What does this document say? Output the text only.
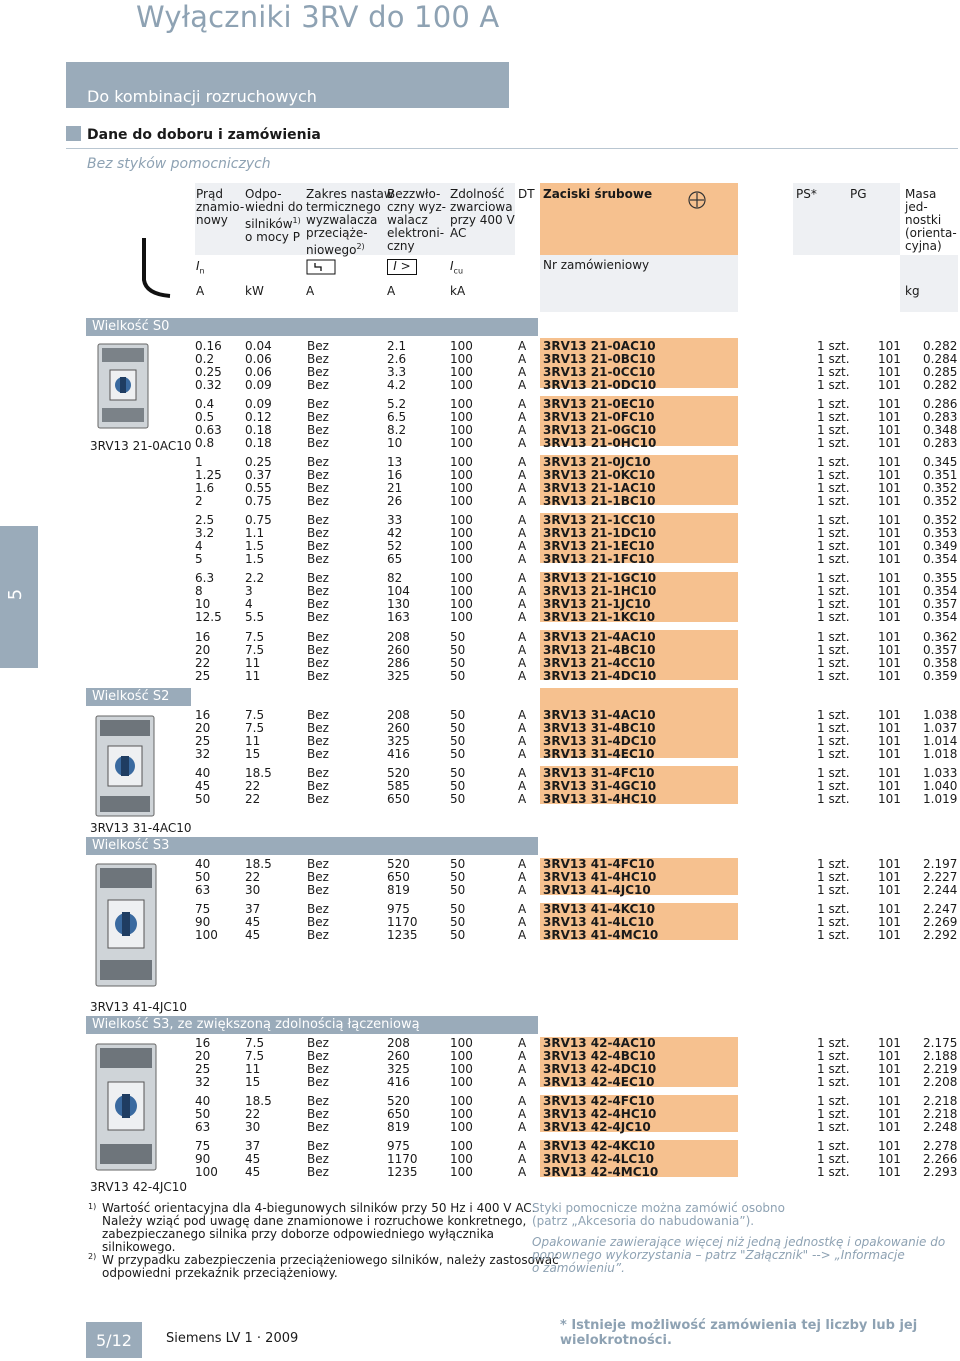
Wyłączniki 3RV do 100 A
Do kombinacji rozruchowych
Dane do doboru i zamówienia
Bez styków pomocniczych
5
Prąd
znamio-
nowy
Odpo-
wiedni do
silników$^{1)}$
o mocy P
Zakres nastaw
termicznego
wyzwalacza
przeciąże-
niowego$^{2)}$
Bezzwło-
czny wyz-
walacz
elektroni-
czny
Zdolność
zwarciowa
przy 400 V
AC
DT Zaciski śrubowe	PS*	PG	Masa
jed-
nostki
(orienta-
cyjna)
$I_n$	I >	$I_{cu}$	Nr zamówieniowy
A	kW	A	A	kA	kg
Wielkość S0
Wielkość S2
Wielkość S3
Wielkość S3, ze zwiększoną zdolnością łączeniową
3RV13 21-0AC10
3RV13 31-4AC10
3RV13 41-4JC10
3RV13 42-4JC10
0.16 0.04	Bez	2.1	100	A 3RV13 21-0AC10	1 szt. 101 0.282
0.2	0.06	Bez	2.6	100	A 3RV13 21-0BC10	1 szt. 101 0.284
0.25 0.06	Bez	3.3	100	A 3RV13 21-0CC10	1 szt. 101 0.285
0.32 0.09	Bez	4.2	100	A 3RV13 21-0DC10	1 szt. 101 0.282
0.4	0.09	Bez	5.2	100	A 3RV13 21-0EC10	1 szt. 101 0.286
0.5	0.12	Bez	6.5	100	A 3RV13 21-0FC10	1 szt. 101 0.283
0.63 0.18	Bez	8.2	100	A 3RV13 21-0GC10	1 szt. 101 0.348
0.8	0.18	Bez	10	100	A 3RV13 21-0HC10	1 szt. 101 0.283
1	0.25	Bez	13	100	A 3RV13 21-0JC10	1 szt. 101 0.345
1.25 0.37	Bez	16	100	A 3RV13 21-0KC10	1 szt. 101 0.351
1.6	0.55	Bez	21	100	A 3RV13 21-1AC10	1 szt. 101 0.352
2	0.75	Bez	26	100	A 3RV13 21-1BC10	1 szt. 101 0.352
2.5	0.75	Bez	33	100	A 3RV13 21-1CC10	1 szt. 101 0.352
3.2	1.1	Bez	42	100	A 3RV13 21-1DC10	1 szt. 101 0.353
4	1.5	Bez	52	100	A 3RV13 21-1EC10	1 szt. 101 0.349
5	1.5	Bez	65	100	A 3RV13 21-1FC10	1 szt. 101 0.354
6.3	2.2	Bez	82	100	A 3RV13 21-1GC10	1 szt. 101 0.355
8	3	Bez	104	100	A 3RV13 21-1HC10	1 szt. 101 0.354
10	4	Bez	130	100	A 3RV13 21-1JC10	1 szt. 101 0.357
12.5 5.5	Bez	163	100	A 3RV13 21-1KC10	1 szt. 101 0.354
16	7.5	Bez	208	50	A 3RV13 21-4AC10	1 szt. 101 0.362
20	7.5	Bez	260	50	A 3RV13 21-4BC10	1 szt. 101 0.357
22	11	Bez	286	50	A 3RV13 21-4CC10	1 szt. 101 0.358
25	11	Bez	325	50	A 3RV13 21-4DC10	1 szt. 101 0.359
16	7.5	Bez	208	50	A 3RV13 31-4AC10	1 szt. 101 1.038
20	7.5	Bez	260	50	A 3RV13 31-4BC10	1 szt. 101 1.037
25	11	Bez	325	50	A 3RV13 31-4DC10	1 szt. 101 1.014
32	15	Bez	416	50	A 3RV13 31-4EC10	1 szt. 101 1.018
40	18.5	Bez	520	50	A 3RV13 31-4FC10	1 szt. 101 1.033
45	22	Bez	585	50	A 3RV13 31-4GC10	1 szt. 101 1.040
50	22	Bez	650	50	A 3RV13 31-4HC10	1 szt. 101 1.019
40	18.5	Bez	520	50	A 3RV13 41-4FC10	1 szt. 101 2.197
50	22	Bez	650	50	A 3RV13 41-4HC10	1 szt. 101 2.227
63	30	Bez	819	50	A 3RV13 41-4JC10	1 szt. 101 2.244
75	37	Bez	975	50	A 3RV13 41-4KC10	1 szt. 101 2.247
90	45	Bez	1170	50	A 3RV13 41-4LC10	1 szt. 101 2.269
100 45	Bez	1235	50	A 3RV13 41-4MC10	1 szt. 101 2.292
16	7.5	Bez	208	100	A 3RV13 42-4AC10	1 szt. 101 2.175
20	7.5	Bez	260	100	A 3RV13 42-4BC10	1 szt. 101 2.188
25	11	Bez	325	100	A 3RV13 42-4DC10	1 szt. 101 2.219
32	15	Bez	416	100	A 3RV13 42-4EC10	1 szt. 101 2.208
40	18.5	Bez	520	100	A 3RV13 42-4FC10	1 szt. 101 2.218
50	22	Bez	650	100	A 3RV13 42-4HC10	1 szt. 101 2.218
63	30	Bez	819	100	A 3RV13 42-4JC10	1 szt. 101 2.248
75	37	Bez	975	100	A 3RV13 42-4KC10	1 szt. 101 2.278
90	45	Bez	1170	100	A 3RV13 42-4LC10	1 szt. 101 2.266
100 45	Bez	1235	100	A 3RV13 42-4MC10	1 szt. 101 2.293
$^{1)}$ Wartość orientacyjna dla 4-biegunowych silników przy 50 Hz i 400 V AC.
Należy wziąć pod uwagę dane znamionowe i rozruchowe konkretnego,
zabezpieczanego silnika przy doborze odpowiedniego wyłącznika
silnikowego.
$^{2)}$ W przypadku zabezpieczenia przeciążeniowego silników, należy zastosować
odpowiedni przekaźnik przeciążeniowy.
Styki pomocnicze można zamówić osobno
(patrz „Akcesoria do nabudowania”).
Opakowanie zawierające więcej niż jedną jednostkę i opakowanie do
ponownego wykorzystania – patrz "Załącznik" --> „Informacje
o zamówieniu”.
5/12	Siemens LV 1 · 2009
* Istnieje możliwość zamówienia tej liczby lub jej wielokrotności.
